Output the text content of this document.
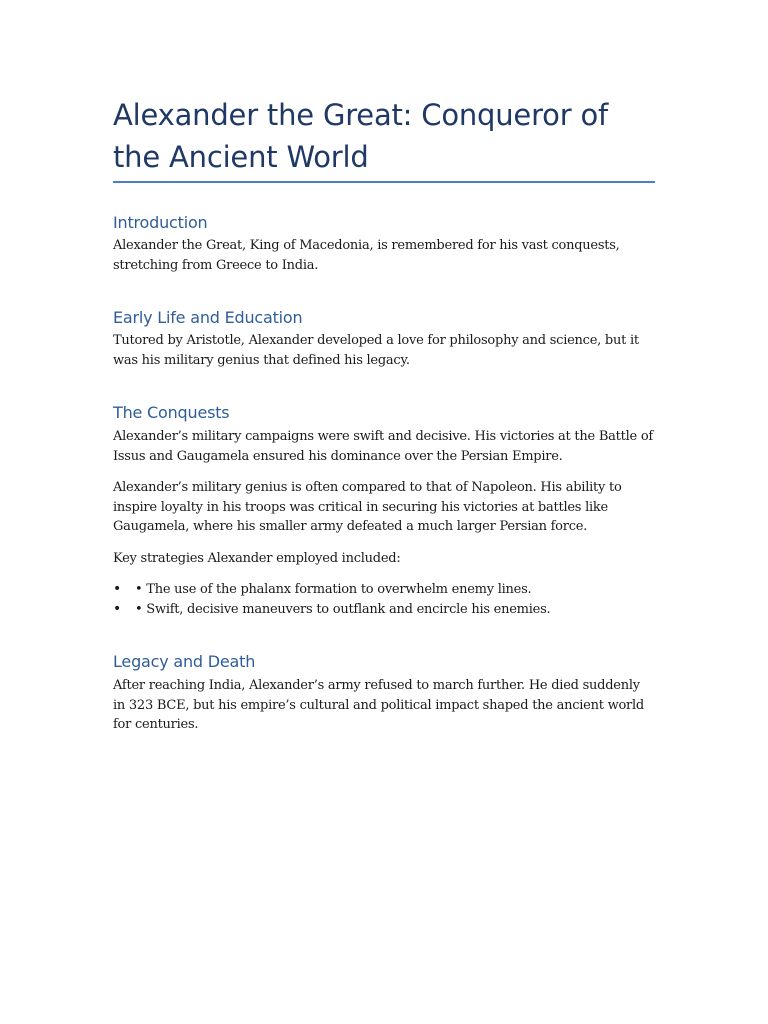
Alexander the Great: Conqueror of the Ancient World
Introduction

Alexander the Great, King of Macedonia, is remembered for his vast conquests, stretching from Greece to India.

Early Life and Education

Tutored by Aristotle, Alexander developed a love for philosophy and science, but it was his military genius that defined his legacy.

The Conquests

Alexander’s military campaigns were swift and decisive. His victories at the Battle of Issus and Gaugamela ensured his dominance over the Persian Empire.

Alexander’s military genius is often compared to that of Napoleon. His ability to inspire loyalty in his troops was critical in securing his victories at battles like Gaugamela, where his smaller army defeated a much larger Persian force.

Key strategies Alexander employed included:

• • The use of the phalanx formation to overwhelm enemy lines.
• • Swift, decisive maneuvers to outflank and encircle his enemies.
Legacy and Death

After reaching India, Alexander’s army refused to march further. He died suddenly in 323 BCE, but his empire’s cultural and political impact shaped the ancient world for centuries.
